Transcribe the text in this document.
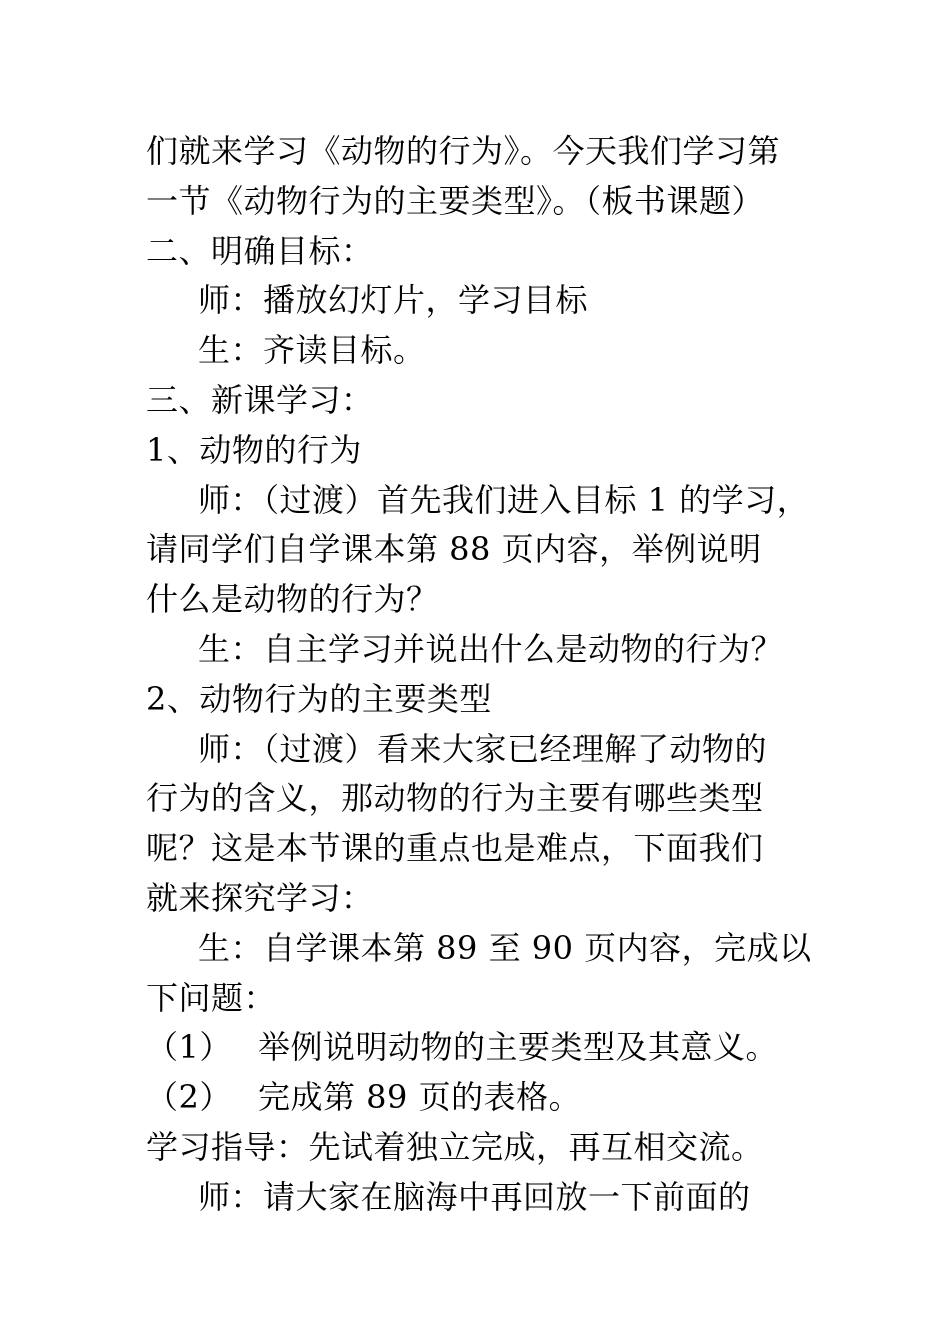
们就来学习《动物的行为》。今天我们学习第
一节《动物行为的主要类型》。（板书课题）
二、明确目标：
师：播放幻灯片，学习目标
生：齐读目标。
三、新课学习：
1、动物的行为
师：（过渡）首先我们进入目标 1 的学习，
请同学们自学课本第 88 页内容，举例说明
什么是动物的行为？
生：自主学习并说出什么是动物的行为？
2、动物行为的主要类型
师：（过渡）看来大家已经理解了动物的
行为的含义，那动物的行为主要有哪些类型
呢？这是本节课的重点也是难点，下面我们
就来探究学习：
生：自学课本第 89 至 90 页内容，完成以
下问题：
（1） 举例说明动物的主要类型及其意义。
（2） 完成第 89 页的表格。
学习指导：先试着独立完成，再互相交流。
师：请大家在脑海中再回放一下前面的
